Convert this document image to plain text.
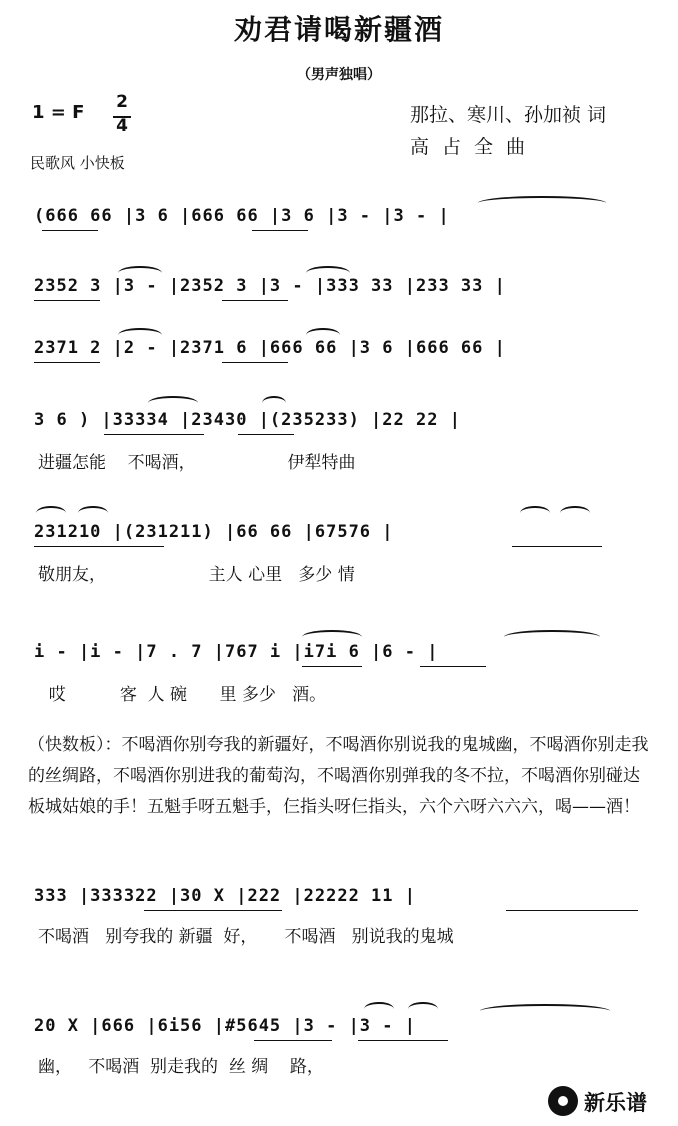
劝君请喝新疆酒
（男声独唱）
1 = F 2
4
民歌风 小快板
那拉、寒川、孙加祯 词
高占全曲
(666 66 |3 6 |666 66 |3 6 |3 - |3 - |
2352 3 |3 - |2352 3 |3 - |333 33 |233 33 |
2371 2 |2 - |2371 6 |666 66 |3 6 |666 66 |
3 6 ) |33334 |23430 |(235233) |22 22 |
进疆怎能    不喝酒，                 伊犁特曲
231210 |(231211) |66 66 |67576 |
敬朋友，                   主人 心里   多少 情
i - |i - |7 . 7 |767 i |i7i 6 |6 - |
哎          客  人 碗      里 多少   酒。
（快数板）：不喝酒你别夸我的新疆好，不喝酒你别说我的鬼城幽，不喝酒你别走我的丝绸路，不喝酒你别进我的葡萄沟，不喝酒你别弹我的冬不拉，不喝酒你别碰达板城姑娘的手！五魁手呀五魁手，仨指头呀仨指头，六个六呀六六六，喝——酒！
333 |333322 |30 X |222 |22222 11 |
不喝酒   别夸我的 新疆  好，     不喝酒   别说我的鬼城
20 X |666 |6i56 |#5645 |3 - |3 - |
幽，   不喝酒  别走我的  丝 绸    路，
新乐谱
